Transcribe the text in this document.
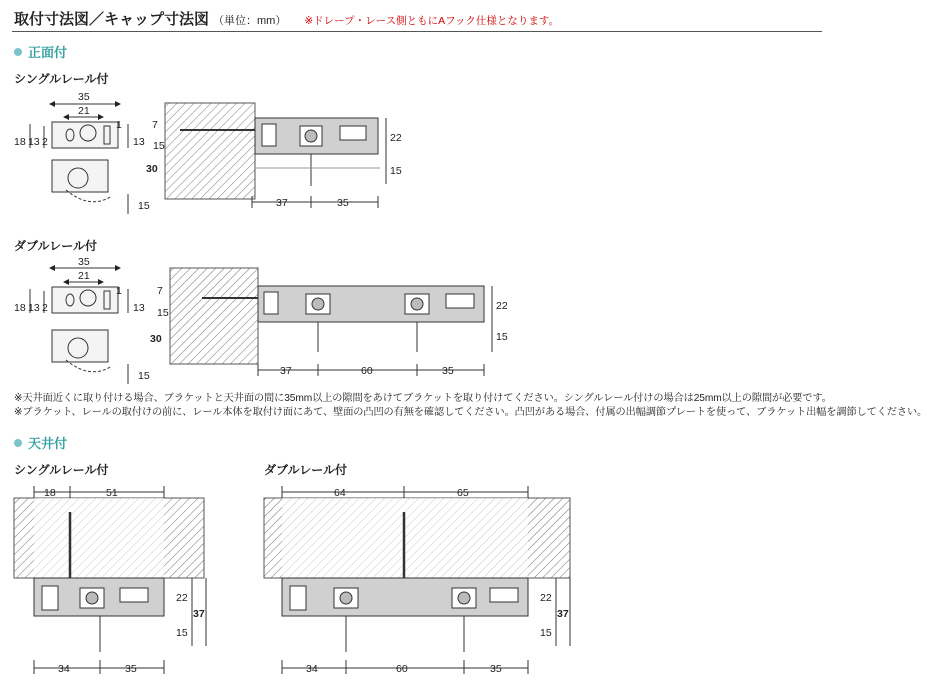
取付寸法図／キャップ寸法図 （単位：mm） ※ドレープ・レース側ともにAフック仕様となります。
正面付
シングルレール付
ダブルレール付
※天井面近くに取り付ける場合、ブラケットと天井面の間に35mm以上の隙間をあけてブラケットを取り付けてください。シングルレール付けの場合は25mm以上の隙間が必要です。
※ブラケット、レールの取付けの前に、レール本体を取付け面にあて、壁面の凸凹の有無を確認してください。凸凹がある場合、付属の出幅調節プレートを使って、ブラケット出幅を調節してください。
天井付
シングルレール付	ダブルレール付
35
21
1
18 13 2	13
15
7
15
30
22
15
37	35
35
21
1
18 13 2	13
15
7
15
30
22
15
37	60	35
18	51
22
37
15
34	35
64	65
22
37
15
34	60	35
